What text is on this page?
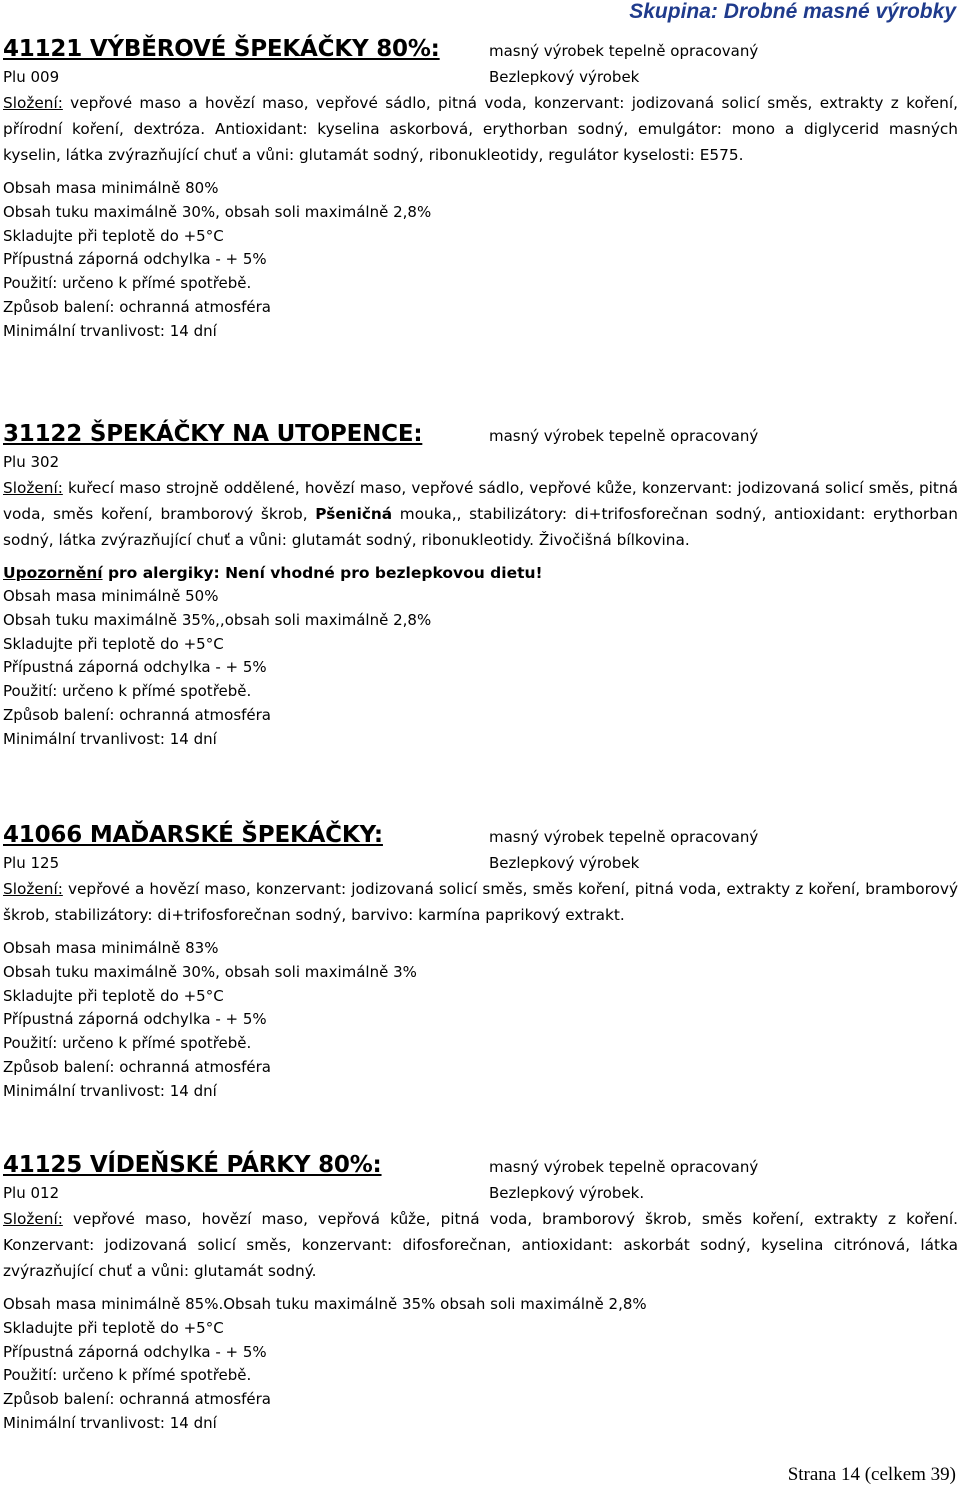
Skupina: Drobné masné výrobky
41121 VÝBĚROVÉ ŠPEKÁČKY 80%:	masný výrobek tepelně opracovaný
Plu 009	Bezlepkový výrobek

Složení: vepřové maso a hovězí maso, vepřové sádlo, pitná voda, konzervant: jodizovaná solicí směs, extrakty z koření, přírodní koření, dextróza. Antioxidant: kyselina askorbová, erythorban sodný, emulgátor: mono a diglycerid masných kyselin, látka zvýrazňující chuť a vůni: glutamát sodný, ribonukleotidy, regulátor kyselosti: E575.

Obsah masa minimálně 80%
Obsah tuku maximálně 30%, obsah soli maximálně 2,8%
Skladujte při teplotě do +5°C
Přípustná záporná odchylka - + 5%
Použití: určeno k přímé spotřebě.
Způsob balení: ochranná atmosféra
Minimální trvanlivost: 14 dní
31122 ŠPEKÁČKY NA UTOPENCE:	masný výrobek tepelně opracovaný
Plu 302

Složení: kuřecí maso strojně oddělené, hovězí maso, vepřové sádlo, vepřové kůže, konzervant: jodizovaná solicí směs, pitná voda, směs koření, bramborový škrob, Pšeničná mouka,, stabilizátory: di+trifosforečnan sodný, antioxidant: erythorban sodný, látka zvýrazňující chuť a vůni: glutamát sodný, ribonukleotidy. Živočišná bílkovina.

Upozornění pro alergiky: Není vhodné pro bezlepkovou dietu!

Obsah masa minimálně 50%
Obsah tuku maximálně 35%,,obsah soli maximálně 2,8%
Skladujte při teplotě do +5°C
Přípustná záporná odchylka - + 5%
Použití: určeno k přímé spotřebě.
Způsob balení: ochranná atmosféra
Minimální trvanlivost: 14 dní
41066 MAĎARSKÉ ŠPEKÁČKY:	masný výrobek tepelně opracovaný
Plu 125	Bezlepkový výrobek

Složení: vepřové a hovězí maso, konzervant: jodizovaná solicí směs, směs koření, pitná voda, extrakty z koření, bramborový škrob, stabilizátory: di+trifosforečnan sodný, barvivo: karmína paprikový extrakt.

Obsah masa minimálně 83%
Obsah tuku maximálně 30%, obsah soli maximálně 3%
Skladujte při teplotě do +5°C
Přípustná záporná odchylka - + 5%
Použití: určeno k přímé spotřebě.
Způsob balení: ochranná atmosféra
Minimální trvanlivost: 14 dní
41125 VÍDEŇSKÉ PÁRKY 80%:	masný výrobek tepelně opracovaný
Plu 012	Bezlepkový výrobek.

Složení: vepřové maso, hovězí maso, vepřová kůže, pitná voda, bramborový škrob, směs koření, extrakty z koření. Konzervant: jodizovaná solicí směs, konzervant: difosforečnan, antioxidant: askorbát sodný, kyselina citrónová, látka zvýrazňující chuť a vůni: glutamát sodný.

Obsah masa minimálně 85%.Obsah tuku maximálně 35% obsah soli maximálně 2,8%
Skladujte při teplotě do +5°C
Přípustná záporná odchylka - + 5%
Použití: určeno k přímé spotřebě.
Způsob balení: ochranná atmosféra
Minimální trvanlivost: 14 dní
Strana 14 (celkem 39)
